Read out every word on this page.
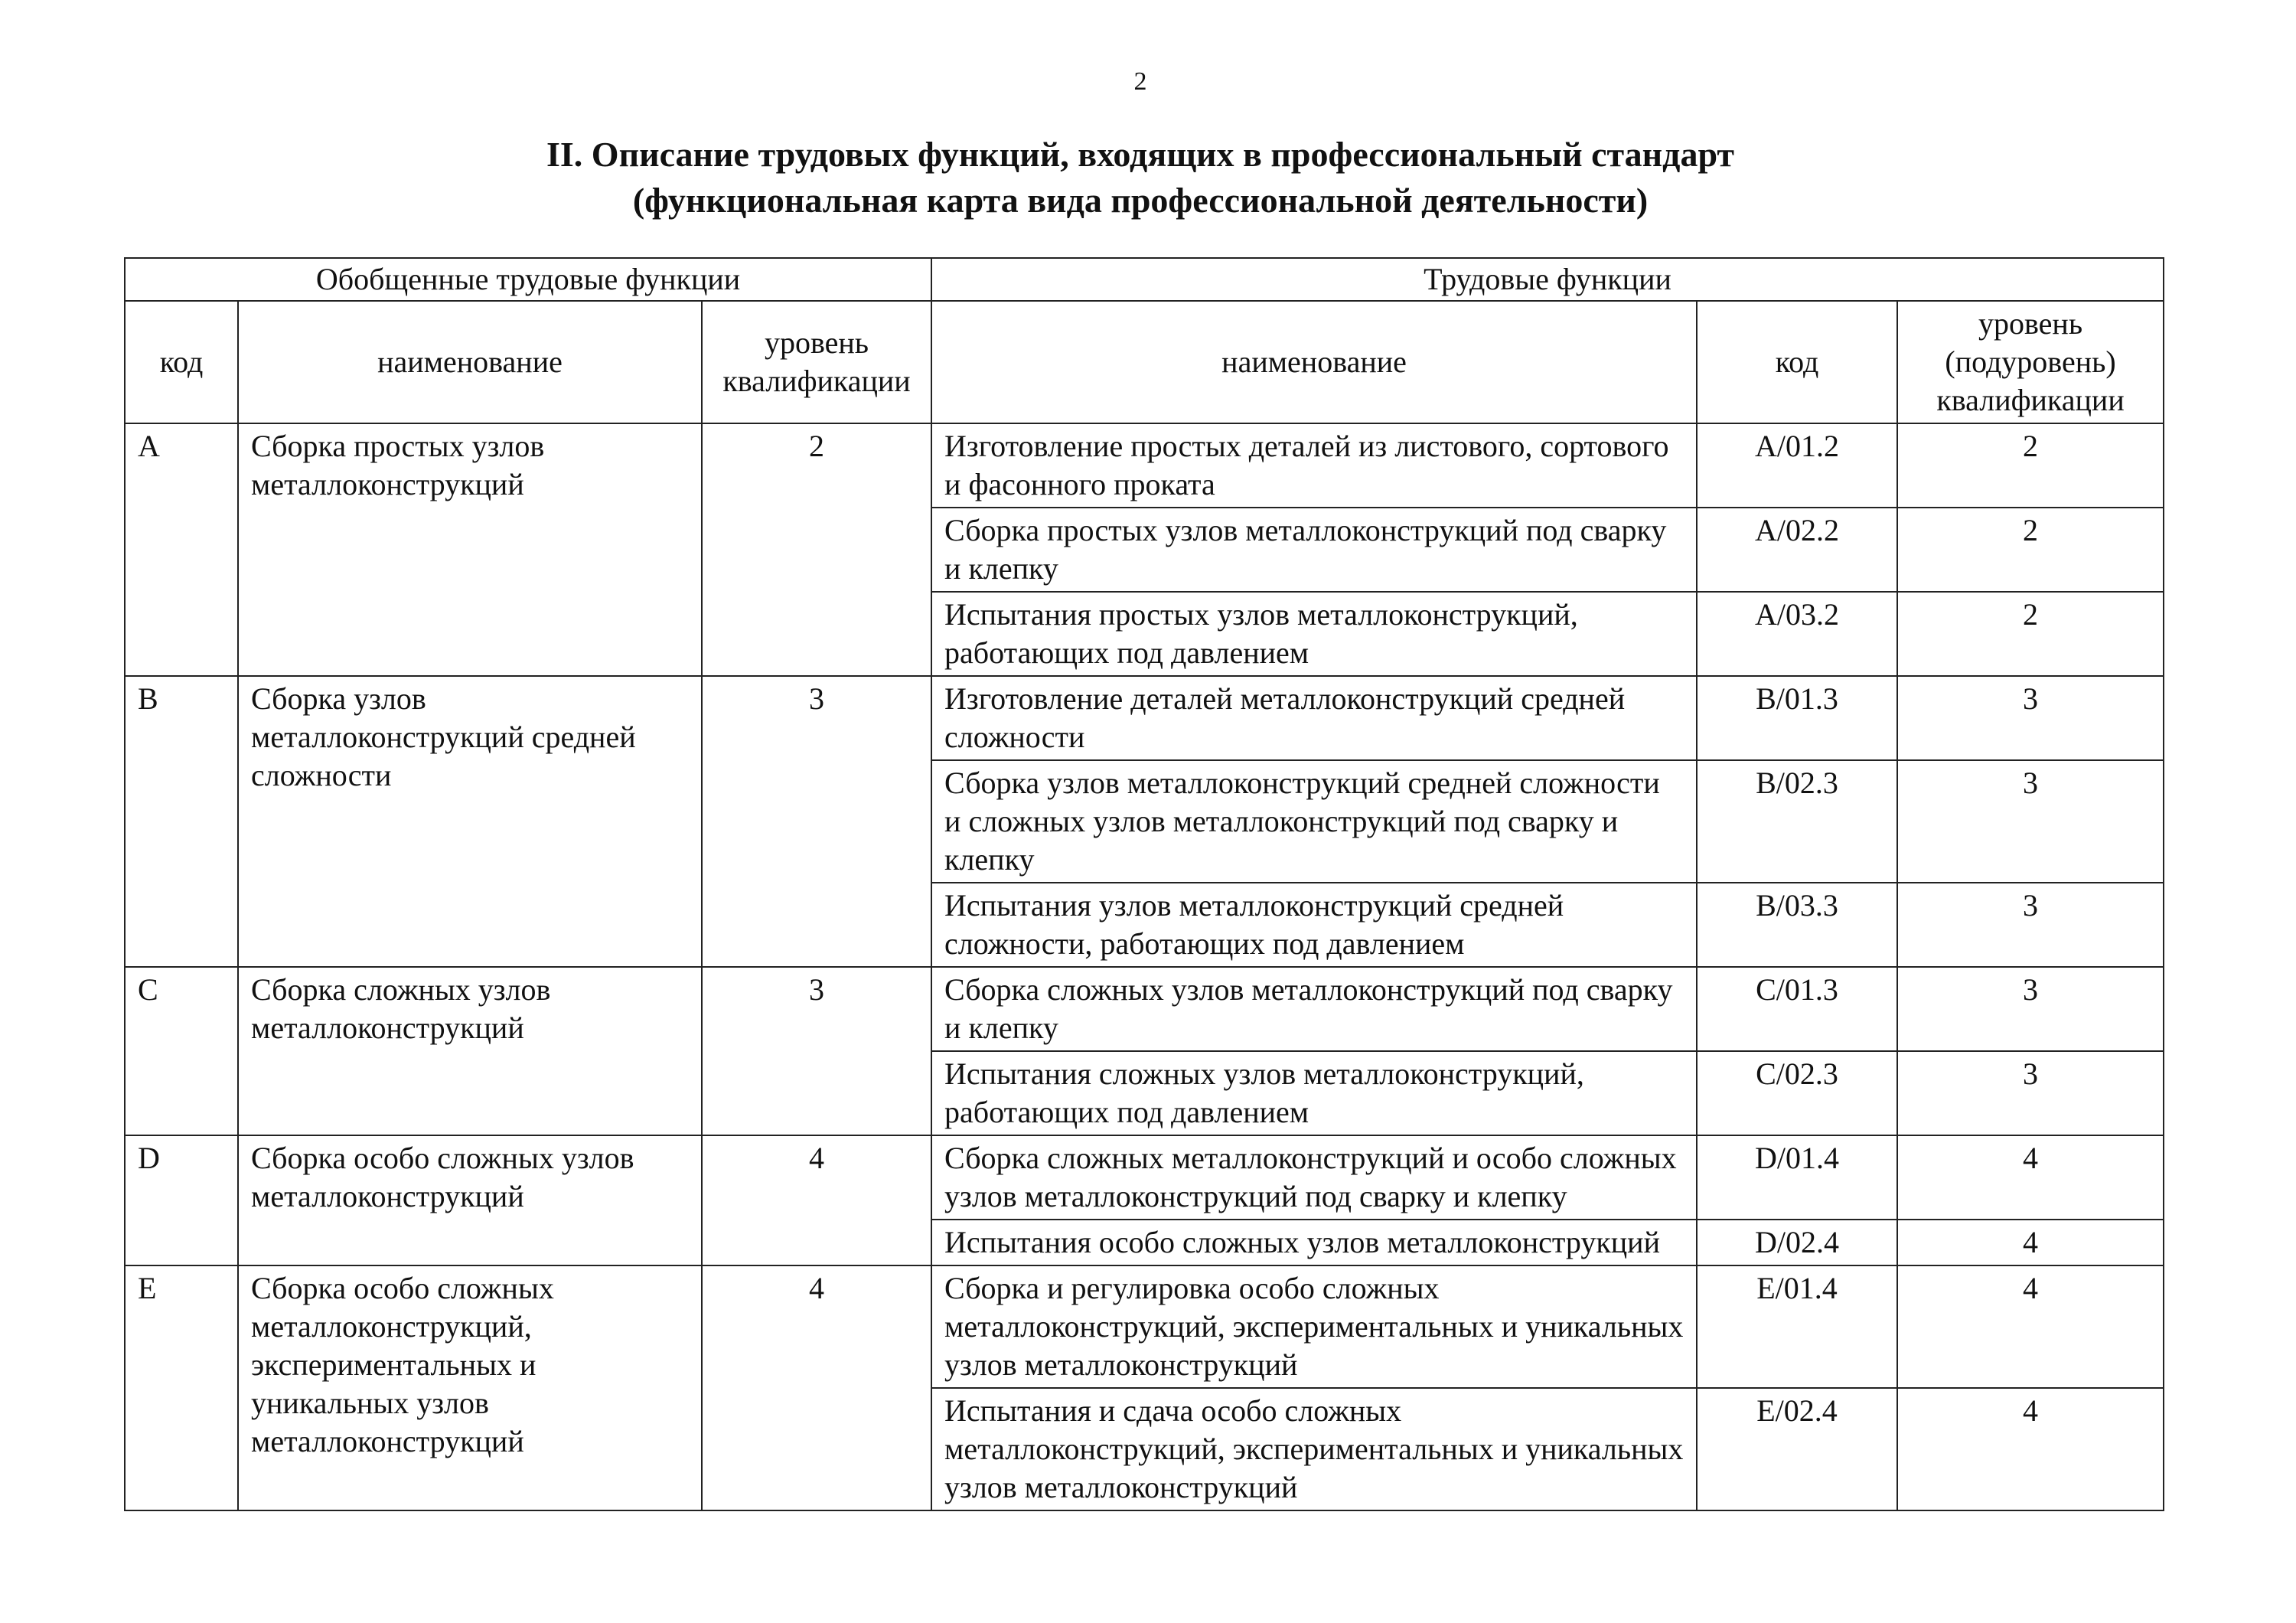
2
II. Описание трудовых функций, входящих в профессиональный стандарт
(функциональная карта вида профессиональной деятельности)
Обобщенные трудовые функции			Трудовые функции		
код	наименование	уровень квалификации	наименование	код	уровень (подуровень) квалификации
A	Сборка простых узлов металлоконструкций	2	Изготовление простых деталей из листового, сортового и фасонного проката	A/01.2	2
			Сборка простых узлов металлоконструкций под сварку и клепку	A/02.2	2
			Испытания простых узлов металлоконструкций, работающих под давлением	A/03.2	2
B	Сборка узлов металлоконструкций средней сложности	3	Изготовление деталей металлоконструкций средней сложности	B/01.3	3
			Сборка узлов металлоконструкций средней сложности и сложных узлов металлоконструкций под сварку и клепку	B/02.3	3
			Испытания узлов металлоконструкций средней сложности, работающих под давлением	B/03.3	3
C	Сборка сложных узлов металлоконструкций	3	Сборка сложных узлов металлоконструкций под сварку и клепку	C/01.3	3
			Испытания сложных узлов металлоконструкций, работающих под давлением	C/02.3	3
D	Сборка особо сложных узлов металлоконструкций	4	Сборка сложных металлоконструкций и особо сложных узлов металлоконструкций под сварку и клепку	D/01.4	4
			Испытания особо сложных узлов металлоконструкций	D/02.4	4
E	Сборка особо сложных металлоконструкций, экспериментальных и уникальных узлов металлоконструкций	4	Сборка и регулировка особо сложных металлоконструкций, экспериментальных и уникальных узлов металлоконструкций	E/01.4	4
			Испытания и сдача особо сложных металлоконструкций, экспериментальных и уникальных узлов металлоконструкций	E/02.4	4
